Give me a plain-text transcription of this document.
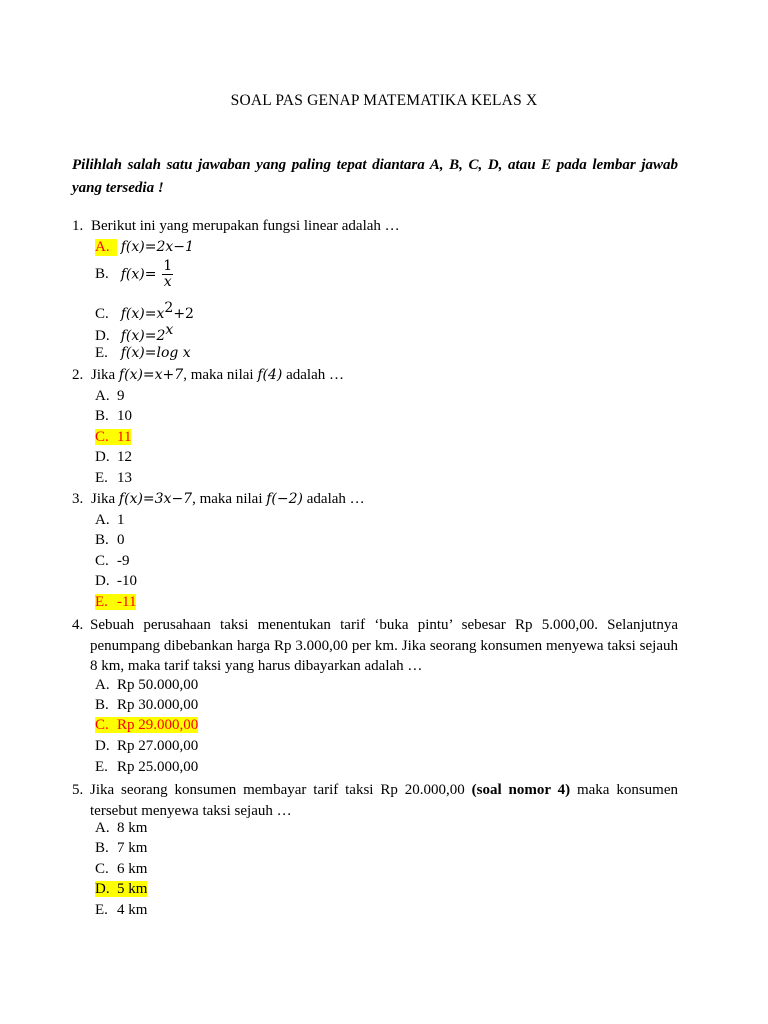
SOAL PAS GENAP MATEMATIKA KELAS X
Pilihlah salah satu jawaban yang paling tepat diantara A, B, C, D, atau E pada lembar jawab yang tersedia !
1. Berikut ini yang merupakan fungsi linear adalah …
A. f(x)=2x−1
B. $f(x)= \frac{1}{x}$
C. $f(x)=x^2+2$
D. $f(x)=2^x$
E. f(x)=log x
2. Jika f(x)=x+7, maka nilai f(4) adalah …
A. 9
B. 10
C. 11
D. 12
E. 13
3. Jika f(x)=3x−7, maka nilai f(−2) adalah …
A. 1
B. 0
C. -9
D. -10
E. -11
4. Sebuah perusahaan taksi menentukan tarif ‘buka pintu’ sebesar Rp 5.000,00. Selanjutnya penumpang dibebankan harga Rp 3.000,00 per km. Jika seorang konsumen menyewa taksi sejauh 8 km, maka tarif taksi yang harus dibayarkan adalah …
A. Rp 50.000,00
B. Rp 30.000,00
C. Rp 29.000,00
D. Rp 27.000,00
E. Rp 25.000,00
5. Jika seorang konsumen membayar tarif taksi Rp 20.000,00 (soal nomor 4) maka konsumen tersebut menyewa taksi sejauh …
A. 8 km
B. 7 km
C. 6 km
D. 5 km
E. 4 km
